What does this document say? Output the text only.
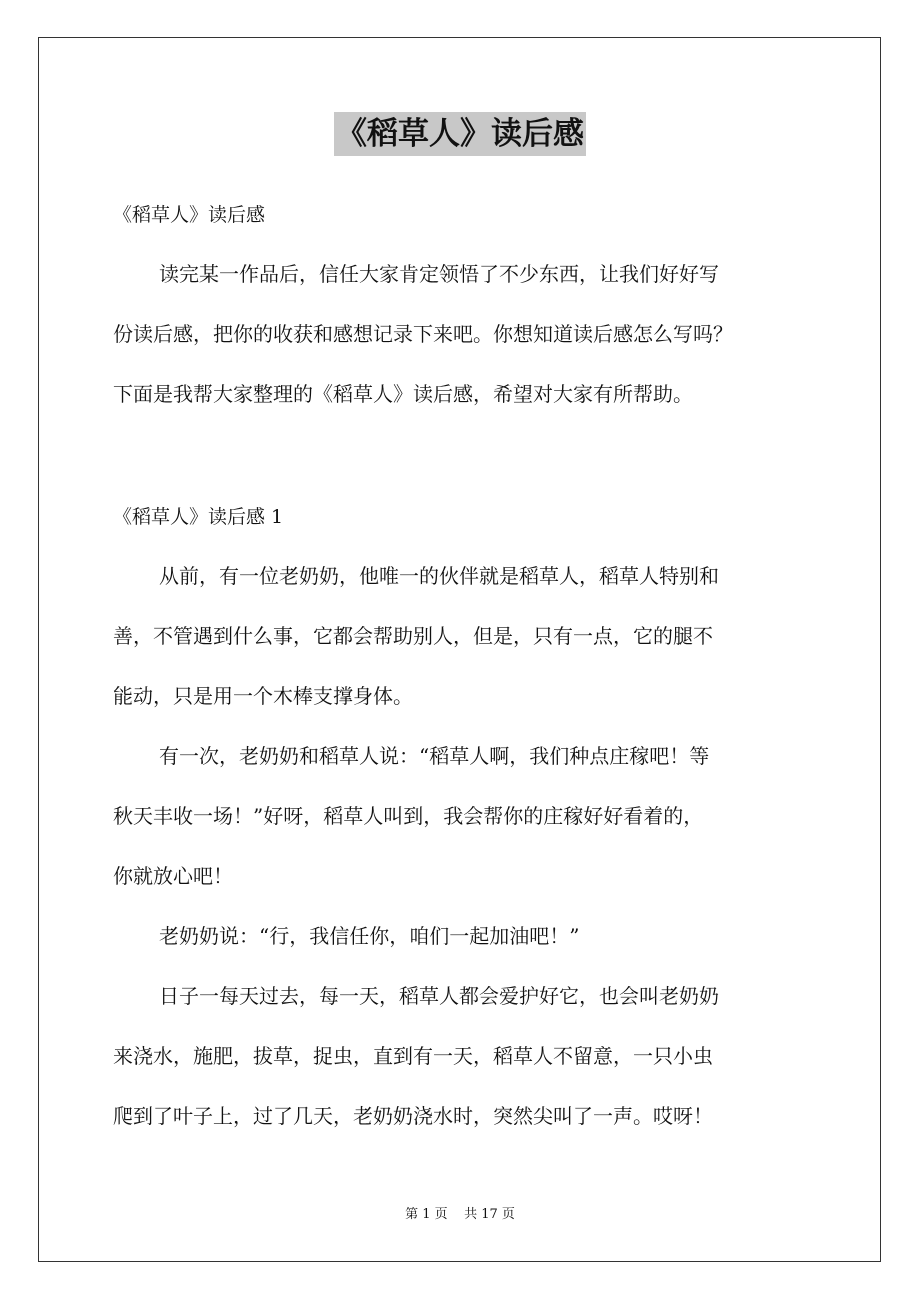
《稻草人》读后感
《稻草人》读后感
读完某一作品后，信任大家肯定领悟了不少东西，让我们好好写
份读后感，把你的收获和感想记录下来吧。你想知道读后感怎么写吗？
下面是我帮大家整理的《稻草人》读后感，希望对大家有所帮助。
《稻草人》读后感 1
从前，有一位老奶奶，他唯一的伙伴就是稻草人，稻草人特别和
善，不管遇到什么事，它都会帮助别人，但是，只有一点，它的腿不
能动，只是用一个木棒支撑身体。
有一次，老奶奶和稻草人说：“稻草人啊，我们种点庄稼吧！等
秋天丰收一场！”好呀，稻草人叫到，我会帮你的庄稼好好看着的，
你就放心吧！
老奶奶说：“行，我信任你，咱们一起加油吧！”
日子一每天过去，每一天，稻草人都会爱护好它，也会叫老奶奶
来浇水，施肥，拔草，捉虫，直到有一天，稻草人不留意，一只小虫
爬到了叶子上，过了几天，老奶奶浇水时，突然尖叫了一声。哎呀！
第 1 页    共 17 页
